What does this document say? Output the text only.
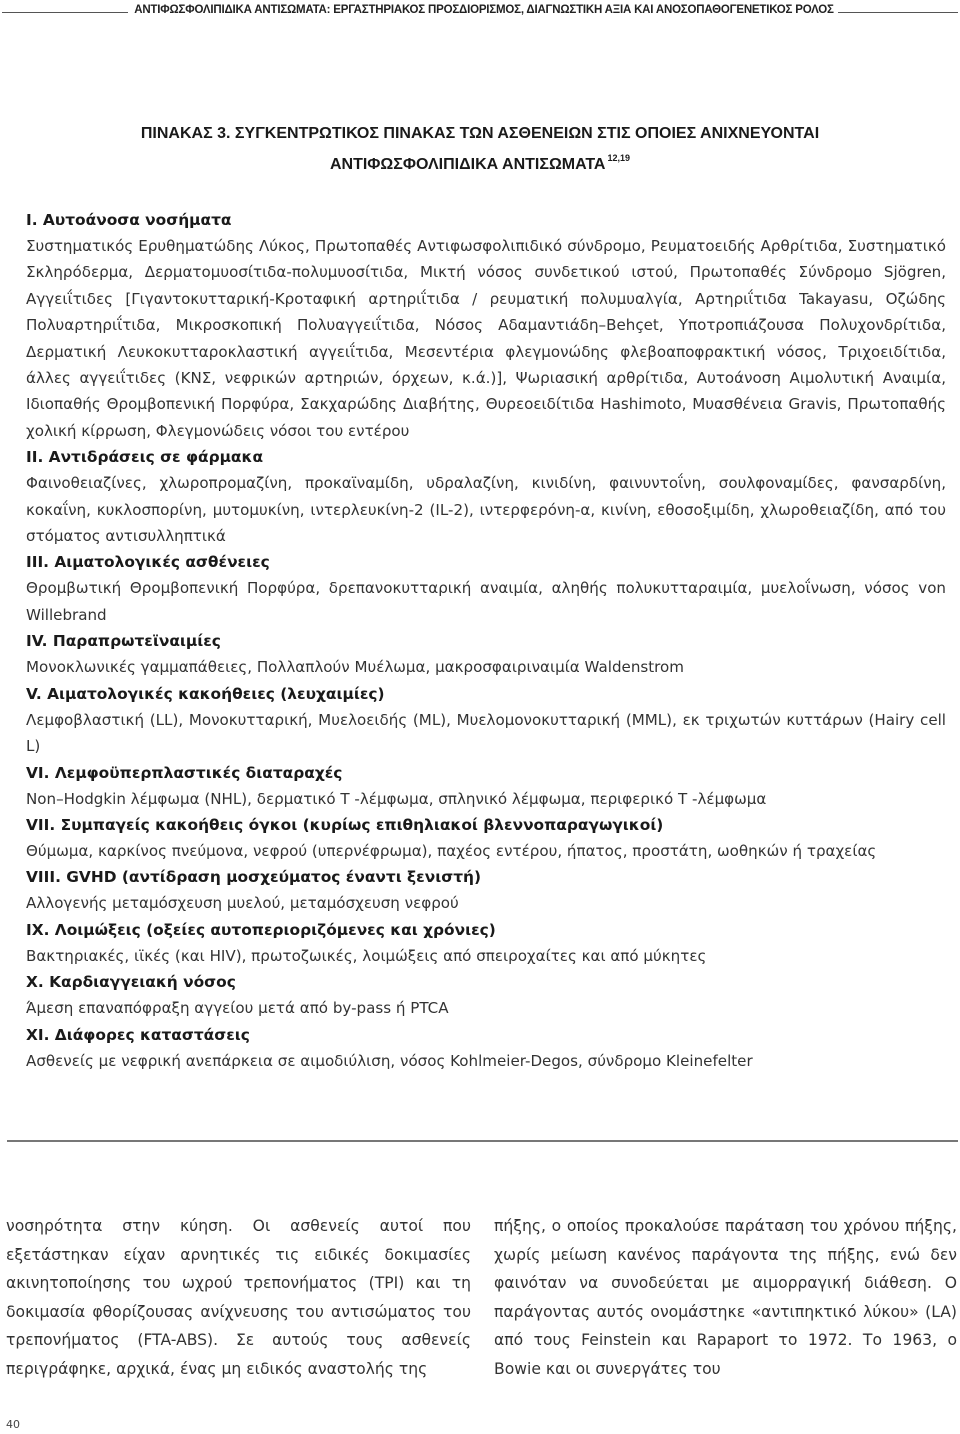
ΑΝΤΙΦΩΣΦΟΛΙΠΙΔΙΚΑ ΑΝΤΙΣΩΜΑΤΑ: ΕΡΓΑΣΤΗΡΙΑΚΟΣ ΠΡΟΣΔΙΟΡΙΣΜΟΣ, ΔΙΑΓΝΩΣΤΙΚΗ ΑΞΙΑ ΚΑΙ ΑΝΟΣΟΠΑΘΟΓΕΝΕΤΙΚΟΣ ΡΟΛΟΣ
ΠΙΝΑΚΑΣ 3. ΣΥΓΚΕΝΤΡΩΤΙΚΟΣ ΠΙΝΑΚΑΣ ΤΩΝ ΑΣΘΕΝΕΙΩΝ ΣΤΙΣ ΟΠΟΙΕΣ ΑΝΙΧΝΕΥΟΝΤΑΙ
ΑΝΤΙΦΩΣΦΟΛΙΠΙΔΙΚΑ ΑΝΤΙΣΩΜΑΤΑ $^{12,19}$

I. Αυτοάνοσα νοσήματα

Συστηματικός Ερυθηματώδης Λύκος, Πρωτοπαθές Αντιφωσφολιπιδικό σύνδρομο, Ρευματοειδής Αρθρίτιδα, Συστηματικό Σκληρόδερμα, Δερματομυοσίτιδα-πολυμυοσίτιδα, Μικτή νόσος συνδετικού ιστού, Πρωτοπαθές Σύνδρομο Sjögren, Αγγειΐτιδες [Γιγαντοκυτταρική-Κροταφική αρτηριΐτιδα / ρευματική πολυμυαλγία, Αρτηριΐτιδα Takayasu, Οζώδης Πολυαρτηριΐτιδα, Μικροσκοπική Πολυαγγειΐτιδα, Νόσος Αδαμαντιάδη–Behçet, Υποτροπιάζουσα Πολυχονδρίτιδα, Δερματική Λευκοκυτταροκλαστική αγγειΐτιδα, Μεσεντέρια φλεγμονώδης φλεβοαποφρακτική νόσος, Τριχοειδίτιδα, άλλες αγγειΐτιδες (ΚΝΣ, νεφρικών αρτηριών, όρχεων, κ.ά.)], Ψωριασική αρθρίτιδα, Αυτοάνοση Αιμολυτική Αναιμία, Ιδιοπαθής Θρομβοπενική Πορφύρα, Σακχαρώδης Διαβήτης, Θυρεοειδίτιδα Hashimoto, Μυασθένεια Gravis, Πρωτοπαθής χολική κίρρωση, Φλεγμονώδεις νόσοι του εντέρου

II. Αντιδράσεις σε φάρμακα

Φαινοθειαζίνες, χλωροπρομαζίνη, προκαϊναμίδη, υδραλαζίνη, κινιδίνη, φαινυντοΐνη, σουλφοναμίδες, φανσαρδίνη, κοκαΐνη, κυκλοσπορίνη, μυτομυκίνη, ιντερλευκίνη-2 (IL-2), ιντερφερόνη-α, κινίνη, εθοσοξιμίδη, χλωροθειαζίδη, από του στόματος αντισυλληπτικά

III. Αιματολογικές ασθένειες

Θρομβωτική Θρομβοπενική Πορφύρα, δρεπανοκυτταρική αναιμία, αληθής πολυκυτταραιμία, μυελοΐνωση, νόσος von Willebrand

IV. Παραπρωτεϊναιμίες

Μονοκλωνικές γαμμαπάθειες, Πολλαπλούν Μυέλωμα, μακροσφαιριναιμία Waldenstrom

V. Αιματολογικές κακοήθειες (λευχαιμίες)

Λεμφοβλαστική (LL), Μονοκυτταρική, Μυελοειδής (ML), Μυελομονοκυτταρική (MML), εκ τριχωτών κυττάρων (Hairy cell L)

VI. Λεμφοϋπερπλαστικές διαταραχές

Non–Hodgkin λέμφωμα (NHL), δερματικό Τ -λέμφωμα, σπληνικό λέμφωμα, περιφερικό Τ -λέμφωμα

VII. Συμπαγείς κακοήθεις όγκοι (κυρίως επιθηλιακοί βλεννοπαραγωγικοί)

Θύμωμα, καρκίνος πνεύμονα, νεφρού (υπερνέφρωμα), παχέος εντέρου, ήπατος, προστάτη, ωοθηκών ή τραχείας

VIII. GVHD (αντίδραση μοσχεύματος έναντι ξενιστή)

Αλλογενής μεταμόσχευση μυελού, μεταμόσχευση νεφρού

IX. Λοιμώξεις (οξείες αυτοπεριοριζόμενες και χρόνιες)

Βακτηριακές, ιϊκές (και HIV), πρωτοζωικές, λοιμώξεις από σπειροχαίτες και από μύκητες

X. Καρδιαγγειακή νόσος

Άμεση επαναπόφραξη αγγείου μετά από by-pass ή PTCA

XI. Διάφορες καταστάσεις

Ασθενείς με νεφρική ανεπάρκεια σε αιμοδιύλιση, νόσος Kohlmeier-Degos, σύνδρομο Kleinefelter

νοσηρότητα στην κύηση. Οι ασθενείς αυτοί που εξετάστηκαν είχαν αρνητικές τις ειδικές δοκιμασίες ακινητοποίησης του ωχρού τρεπονήματος (TPI) και τη δοκιμασία φθορίζουσας ανίχνευσης του αντισώματος του τρεπονήματος (FTA-ABS). Σε αυτούς τους ασθενείς περιγράφηκε, αρχικά, ένας μη ειδικός αναστολής της
πήξης, ο οποίος προκαλούσε παράταση του χρόνου πήξης, χωρίς μείωση κανένος παράγοντα της πήξης, ενώ δεν φαινόταν να συνοδεύεται με αιμορραγική διάθεση. Ο παράγοντας αυτός ονομάστηκε «αντιπηκτικό λύκου» (LA) από τους Feinstein και Rapaport το 1972. Το 1963, ο Bowie και οι συνεργάτες του
40
